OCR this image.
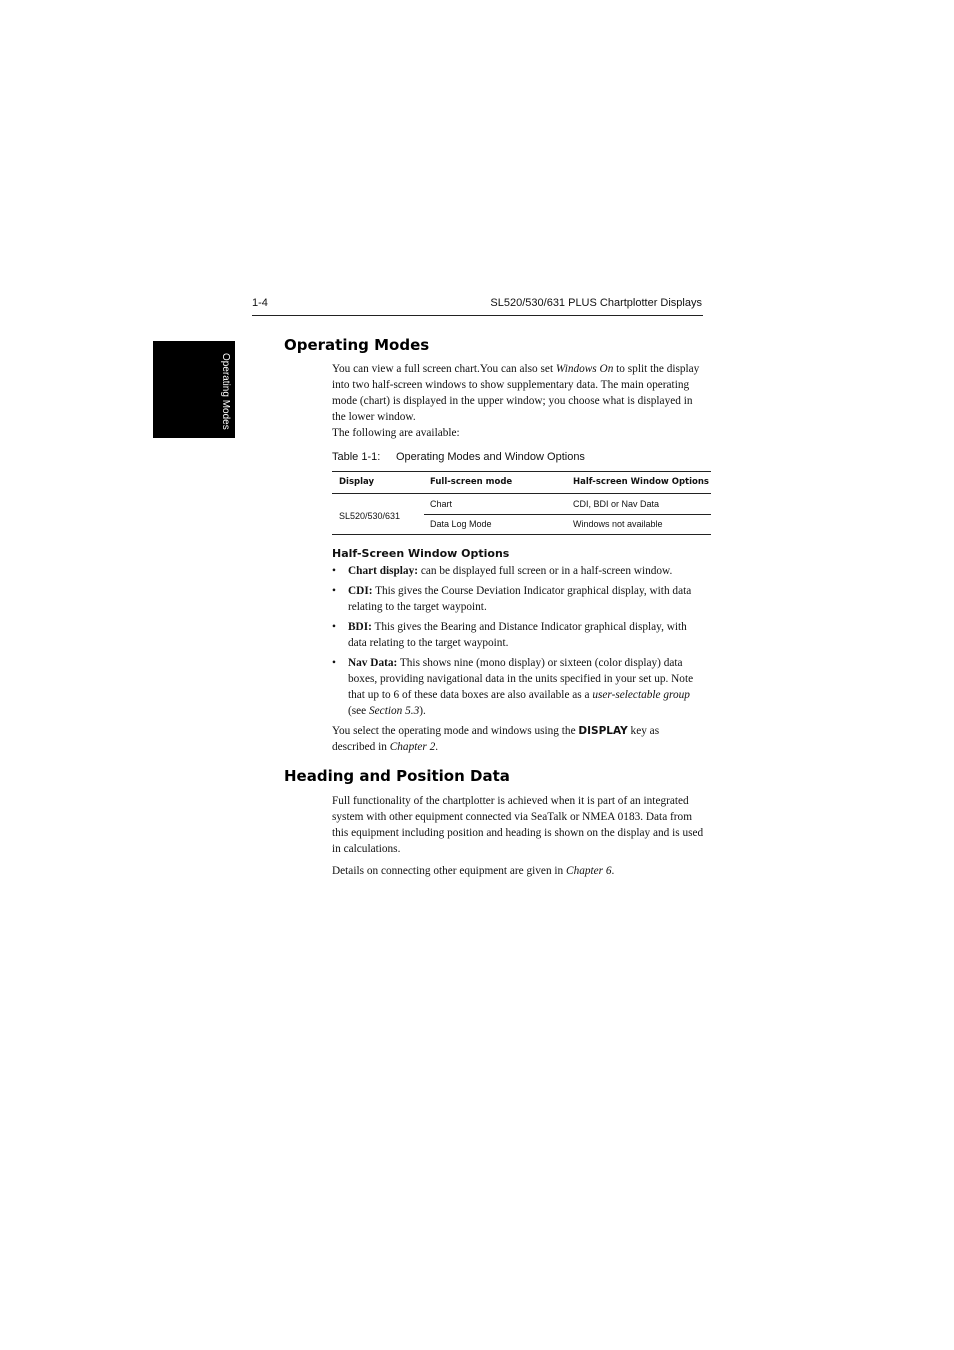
1-4	SL520/530/631 PLUS Chartplotter Displays
Operating Modes
Operating Modes

You can view a full screen chart.You can also set Windows On to split the display into two half-screen windows to show supplementary data. The main operating mode (chart) is displayed in the upper window; you choose what is displayed in the lower window.

The following are available:

Table 1-1: Operating Modes and Window Options
Display	Full-screen mode	Half-screen Window Options
SL520/530/631
Chart	CDI, BDI or Nav Data
Data Log Mode	Windows not available
Half-Screen Window Options
• Chart display: can be displayed full screen or in a half-screen window.
• CDI: This gives the Course Deviation Indicator graphical display, with data relating to the target waypoint.
• BDI: This gives the Bearing and Distance Indicator graphical display, with data relating to the target waypoint.
• Nav Data: This shows nine (mono display) or sixteen (color display) data boxes, providing navigational data in the units specified in your set up. Note that up to 6 of these data boxes are also available as a user-selectable group (see Section 5.3).

You select the operating mode and windows using the DISPLAY key as described in Chapter 2.

Heading and Position Data

Full functionality of the chartplotter is achieved when it is part of an integrated system with other equipment connected via SeaTalk or NMEA 0183. Data from this equipment including position and heading is shown on the display and is used in calculations.

Details on connecting other equipment are given in Chapter 6.
